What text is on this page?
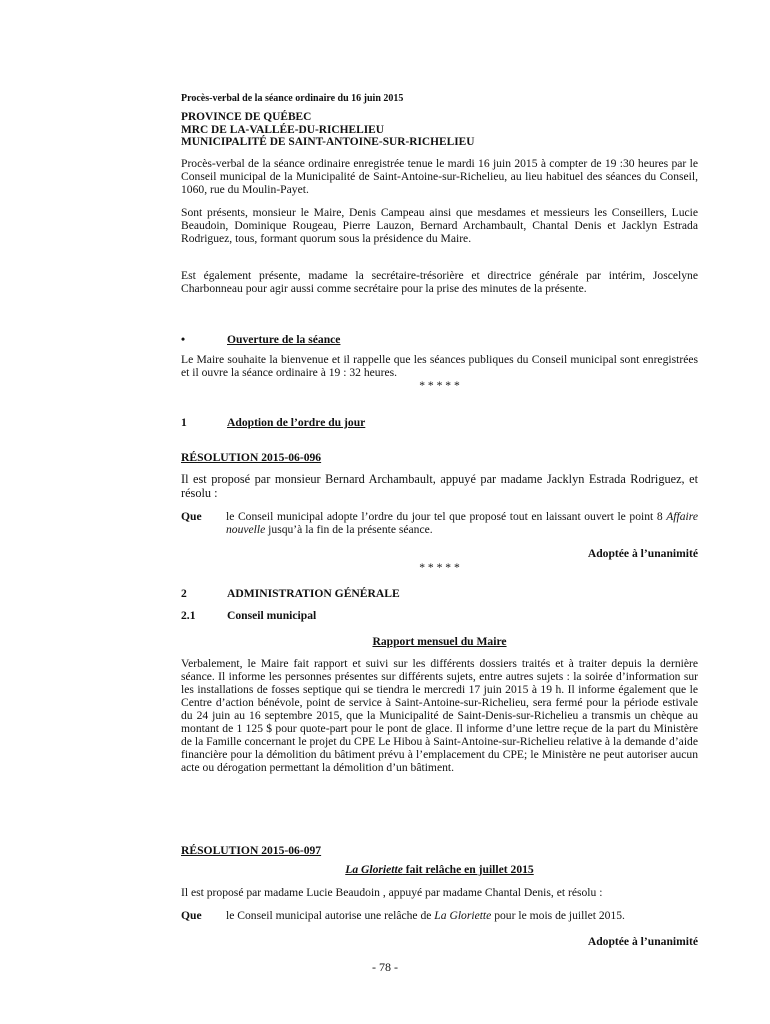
Procès-verbal de la séance ordinaire du 16 juin 2015
PROVINCE DE QUÉBEC
MRC DE LA-VALLÉE-DU-RICHELIEU
MUNICIPALITÉ DE SAINT-ANTOINE-SUR-RICHELIEU
Procès-verbal de la séance ordinaire enregistrée tenue le mardi 16 juin 2015 à compter de 19 :30 heures par le Conseil municipal de la Municipalité de Saint-Antoine-sur-Richelieu, au lieu habituel des séances du Conseil, 1060, rue du Moulin-Payet.
Sont présents, monsieur le Maire, Denis Campeau ainsi que mesdames et messieurs les Conseillers, Lucie Beaudoin, Dominique Rougeau, Pierre Lauzon, Bernard Archambault, Chantal Denis et Jacklyn Estrada Rodriguez, tous, formant quorum sous la présidence du Maire.
Est également présente, madame la secrétaire-trésorière et directrice générale par intérim, Joscelyne Charbonneau pour agir aussi comme secrétaire pour la prise des minutes de la présente.
•	Ouverture de la séance
Le Maire souhaite la bienvenue et il rappelle que les séances publiques du Conseil municipal sont enregistrées et il ouvre la séance ordinaire à 19 : 32 heures.
* * * * *
1	Adoption de l’ordre du jour
RÉSOLUTION 2015-06-096
Il est proposé par monsieur Bernard Archambault, appuyé par madame Jacklyn Estrada Rodriguez, et résolu :
Que	le Conseil municipal adopte l’ordre du jour tel que proposé tout en laissant ouvert le point 8 Affaire nouvelle jusqu’à la fin de la présente séance.
Adoptée à l’unanimité
* * * * *
2	ADMINISTRATION GÉNÉRALE
2.1	Conseil municipal
Rapport mensuel du Maire
Verbalement, le Maire fait rapport et suivi sur les différents dossiers traités et à traiter depuis la dernière séance. Il informe les personnes présentes sur différents sujets, entre autres sujets : la soirée d’information sur les installations de fosses septique qui se tiendra le mercredi 17 juin 2015 à 19 h. Il informe également que le Centre d’action bénévole, point de service à Saint-Antoine-sur-Richelieu, sera fermé pour la période estivale du 24 juin au 16 septembre 2015, que la Municipalité de Saint-Denis-sur-Richelieu a transmis un chèque au montant de 1 125 $ pour quote-part pour le pont de glace. Il informe d’une lettre reçue de la part du Ministère de la Famille concernant le projet du CPE Le Hibou à Saint-Antoine-sur-Richelieu relative à la demande d’aide financière pour la démolition du bâtiment prévu à l’emplacement du CPE; le Ministère ne peut autoriser aucun acte ou dérogation permettant la démolition d’un bâtiment.
RÉSOLUTION 2015-06-097
La Gloriette fait relâche en juillet 2015
Il est proposé par madame Lucie Beaudoin , appuyé par madame Chantal Denis, et résolu :
Que	le Conseil municipal autorise une relâche de La Gloriette pour le mois de juillet 2015.
Adoptée à l’unanimité
- 78 -
